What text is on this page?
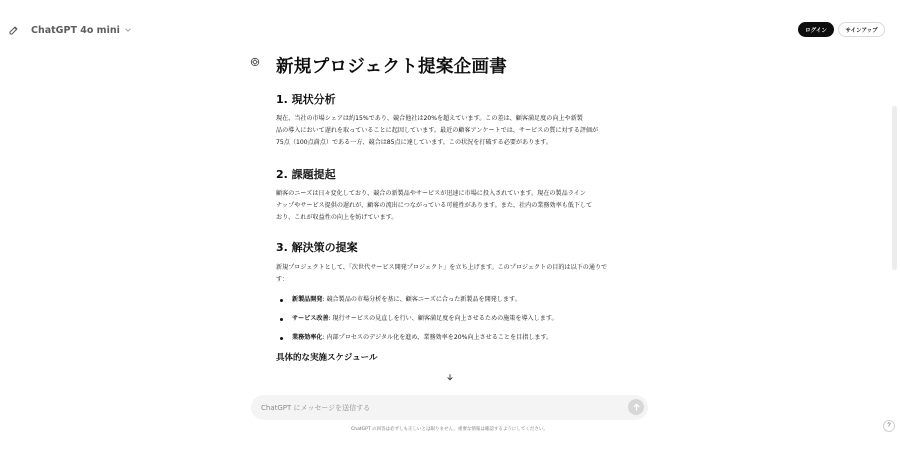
ChatGPT 4o mini	ログイン	サインアップ
新規プロジェクト提案企画書
1. 現状分析
現在、当社の市場シェアは約15%であり、競合他社は20%を超えています。この差は、顧客満足度の向上や新製
品の導入において遅れを取っていることに起因しています。最近の顧客アンケートでは、サービスの質に対する評価が
75点（100点満点）である一方、競合は85点に達しています。この状況を打破する必要があります。
2. 課題提起
顧客のニーズは日々変化しており、競合の新製品やサービスが迅速に市場に投入されています。現在の製品ライン
ナップやサービス提供の遅れが、顧客の流出につながっている可能性があります。また、社内の業務効率も低下して
おり、これが収益性の向上を妨げています。
3. 解決策の提案
新規プロジェクトとして、「次世代サービス開発プロジェクト」を立ち上げます。このプロジェクトの目的は以下の通りで
す：
新製品開発: 競合製品の市場分析を基に、顧客ニーズに合った新製品を開発します。
サービス改善: 現行サービスの見直しを行い、顧客満足度を向上させるための施策を導入します。
業務効率化: 内部プロセスのデジタル化を進め、業務効率を20%向上させることを目指します。
具体的な実施スケジュール
ChatGPT にメッセージを送信する
ChatGPT の回答は必ずしも正しいとは限りません。重要な情報は確認するようにしてください。
?
